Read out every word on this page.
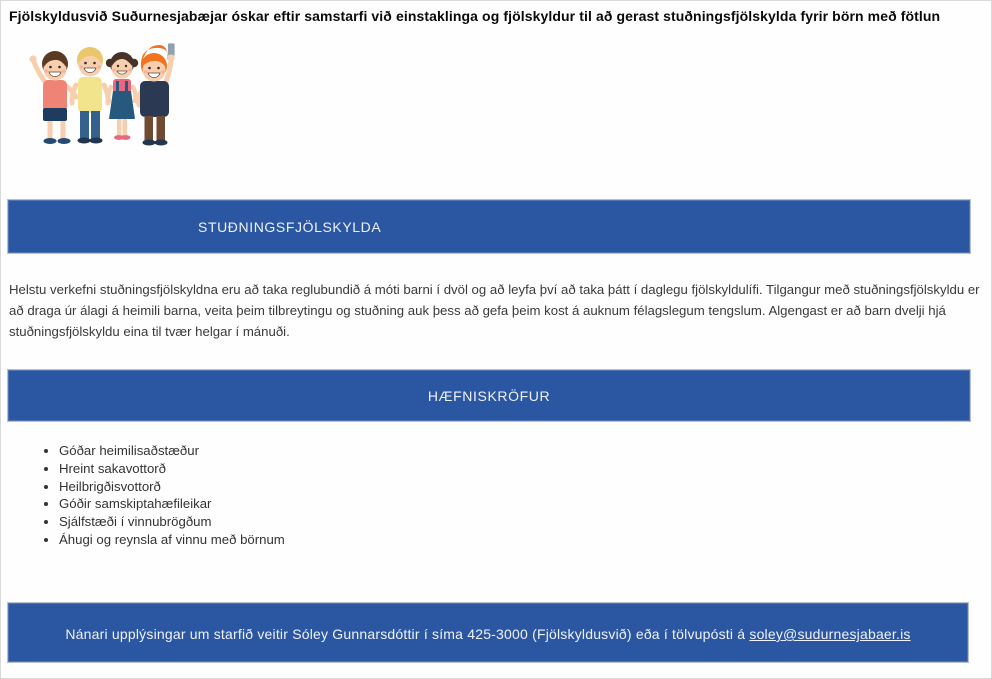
Fjölskyldusvið Suðurnesjabæjar óskar eftir samstarfi við einstaklinga og fjölskyldur til að gerast stuðningsfjölskylda fyrir börn með fötlun
STUÐNINGSFJÖLSKYLDA

Helstu verkefni stuðningsfjölskyldna eru að taka reglubundið á móti barni í dvöl og að leyfa því að taka þátt í daglegu fjölskyldulífi. Tilgangur með stuðningsfjölskyldu er að draga úr álagi á heimili barna, veita þeim tilbreytingu og stuðning auk þess að gefa þeim kost á auknum félagslegum tengslum. Algengast er að barn dvelji hjá stuðningsfjölskyldu eina til tvær helgar í mánuði.

HÆFNISKRÖFUR
• Góðar heimilisaðstæður
• Hreint sakavottorð
• Heilbrigðisvottorð
• Góðir samskiptahæfileikar
• Sjálfstæði í vinnubrögðum
• Áhugi og reynsla af vinnu með börnum
Nánari upplýsingar um starfið veitir Sóley Gunnarsdóttir í síma 425-3000 (Fjölskyldusvið) eða í tölvupósti á soley@sudurnesjabaer.is
